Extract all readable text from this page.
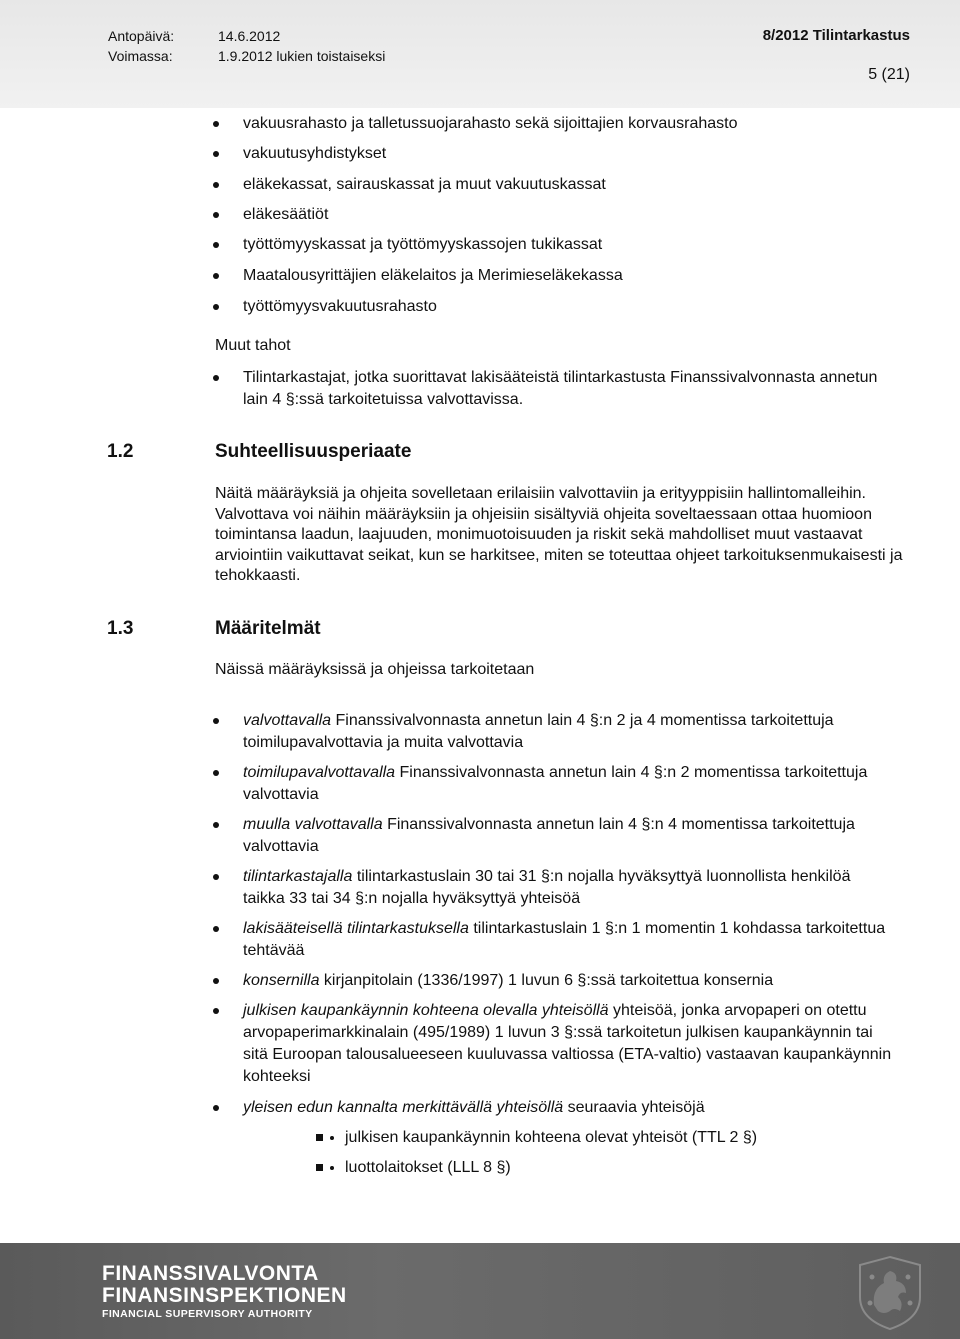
Antopäivä:	14.6.2012	8/2012 Tilintarkastus
Voimassa:	1.9.2012 lukien toistaiseksi
5 (21)
vakuusrahasto ja talletussuojarahasto sekä sijoittajien korvausrahasto
vakuutusyhdistykset
eläkekassat, sairauskassat ja muut vakuutuskassat
eläkesäätiöt
työttömyyskassat ja työttömyyskassojen tukikassat
Maatalousyrittäjien eläkelaitos ja Merimieseläkekassa
työttömyysvakuutusrahasto
Muut tahot
Tilintarkastajat, jotka suorittavat lakisääteistä tilintarkastusta Finanssivalvonnasta annetun lain 4 §:ssä tarkoitetuissa valvottavissa.
1.2	Suhteellisuusperiaate
Näitä määräyksiä ja ohjeita sovelletaan erilaisiin valvottaviin ja erityyppisiin hallintomalleihin. Valvottava voi näihin määräyksiin ja ohjeisiin sisältyviä ohjeita soveltaessaan ottaa huomioon toimintansa laadun, laajuuden, monimuotoisuuden ja riskit sekä mahdolliset muut vastaavat arviointiin vaikuttavat seikat, kun se harkitsee, miten se toteuttaa ohjeet tarkoituksenmukaisesti ja tehokkaasti.
1.3	Määritelmät
Näissä määräyksissä ja ohjeissa tarkoitetaan
valvottavalla Finanssivalvonnasta annetun lain 4 §:n 2 ja 4 momentissa tarkoitettuja toimilupavalvottavia ja muita valvottavia
toimilupavalvottavalla Finanssivalvonnasta annetun lain 4 §:n 2 momentissa tarkoitettuja valvottavia
muulla valvottavalla Finanssivalvonnasta annetun lain 4 §:n 4 momentissa tarkoitettuja valvottavia
tilintarkastajalla tilintarkastuslain 30 tai 31 §:n nojalla hyväksyttyä luonnollista henkilöä taikka 33 tai 34 §:n nojalla hyväksyttyä yhteisöä
lakisääteisellä tilintarkastuksella tilintarkastuslain 1 §:n 1 momentin 1 kohdassa tarkoitettua tehtävää
konsernilla kirjanpitolain (1336/1997) 1 luvun 6 §:ssä tarkoitettua konsernia
julkisen kaupankäynnin kohteena olevalla yhteisöllä yhteisöä, jonka arvopaperi on otettu arvopaperimarkkinalain (495/1989) 1 luvun 3 §:ssä tarkoitetun julkisen kaupankäynnin tai sitä Euroopan talousalueeseen kuuluvassa valtiossa (ETA-valtio) vastaavan kaupankäynnin kohteeksi
yleisen edun kannalta merkittävällä yhteisöllä seuraavia yhteisöjä
• julkisen kaupankäynnin kohteena olevat yhteisöt (TTL 2 §)
• luottolaitokset (LLL 8 §)
FINANSSIVALVONTA
FINANSINSPEKTIONEN
FINANCIAL SUPERVISORY AUTHORITY
